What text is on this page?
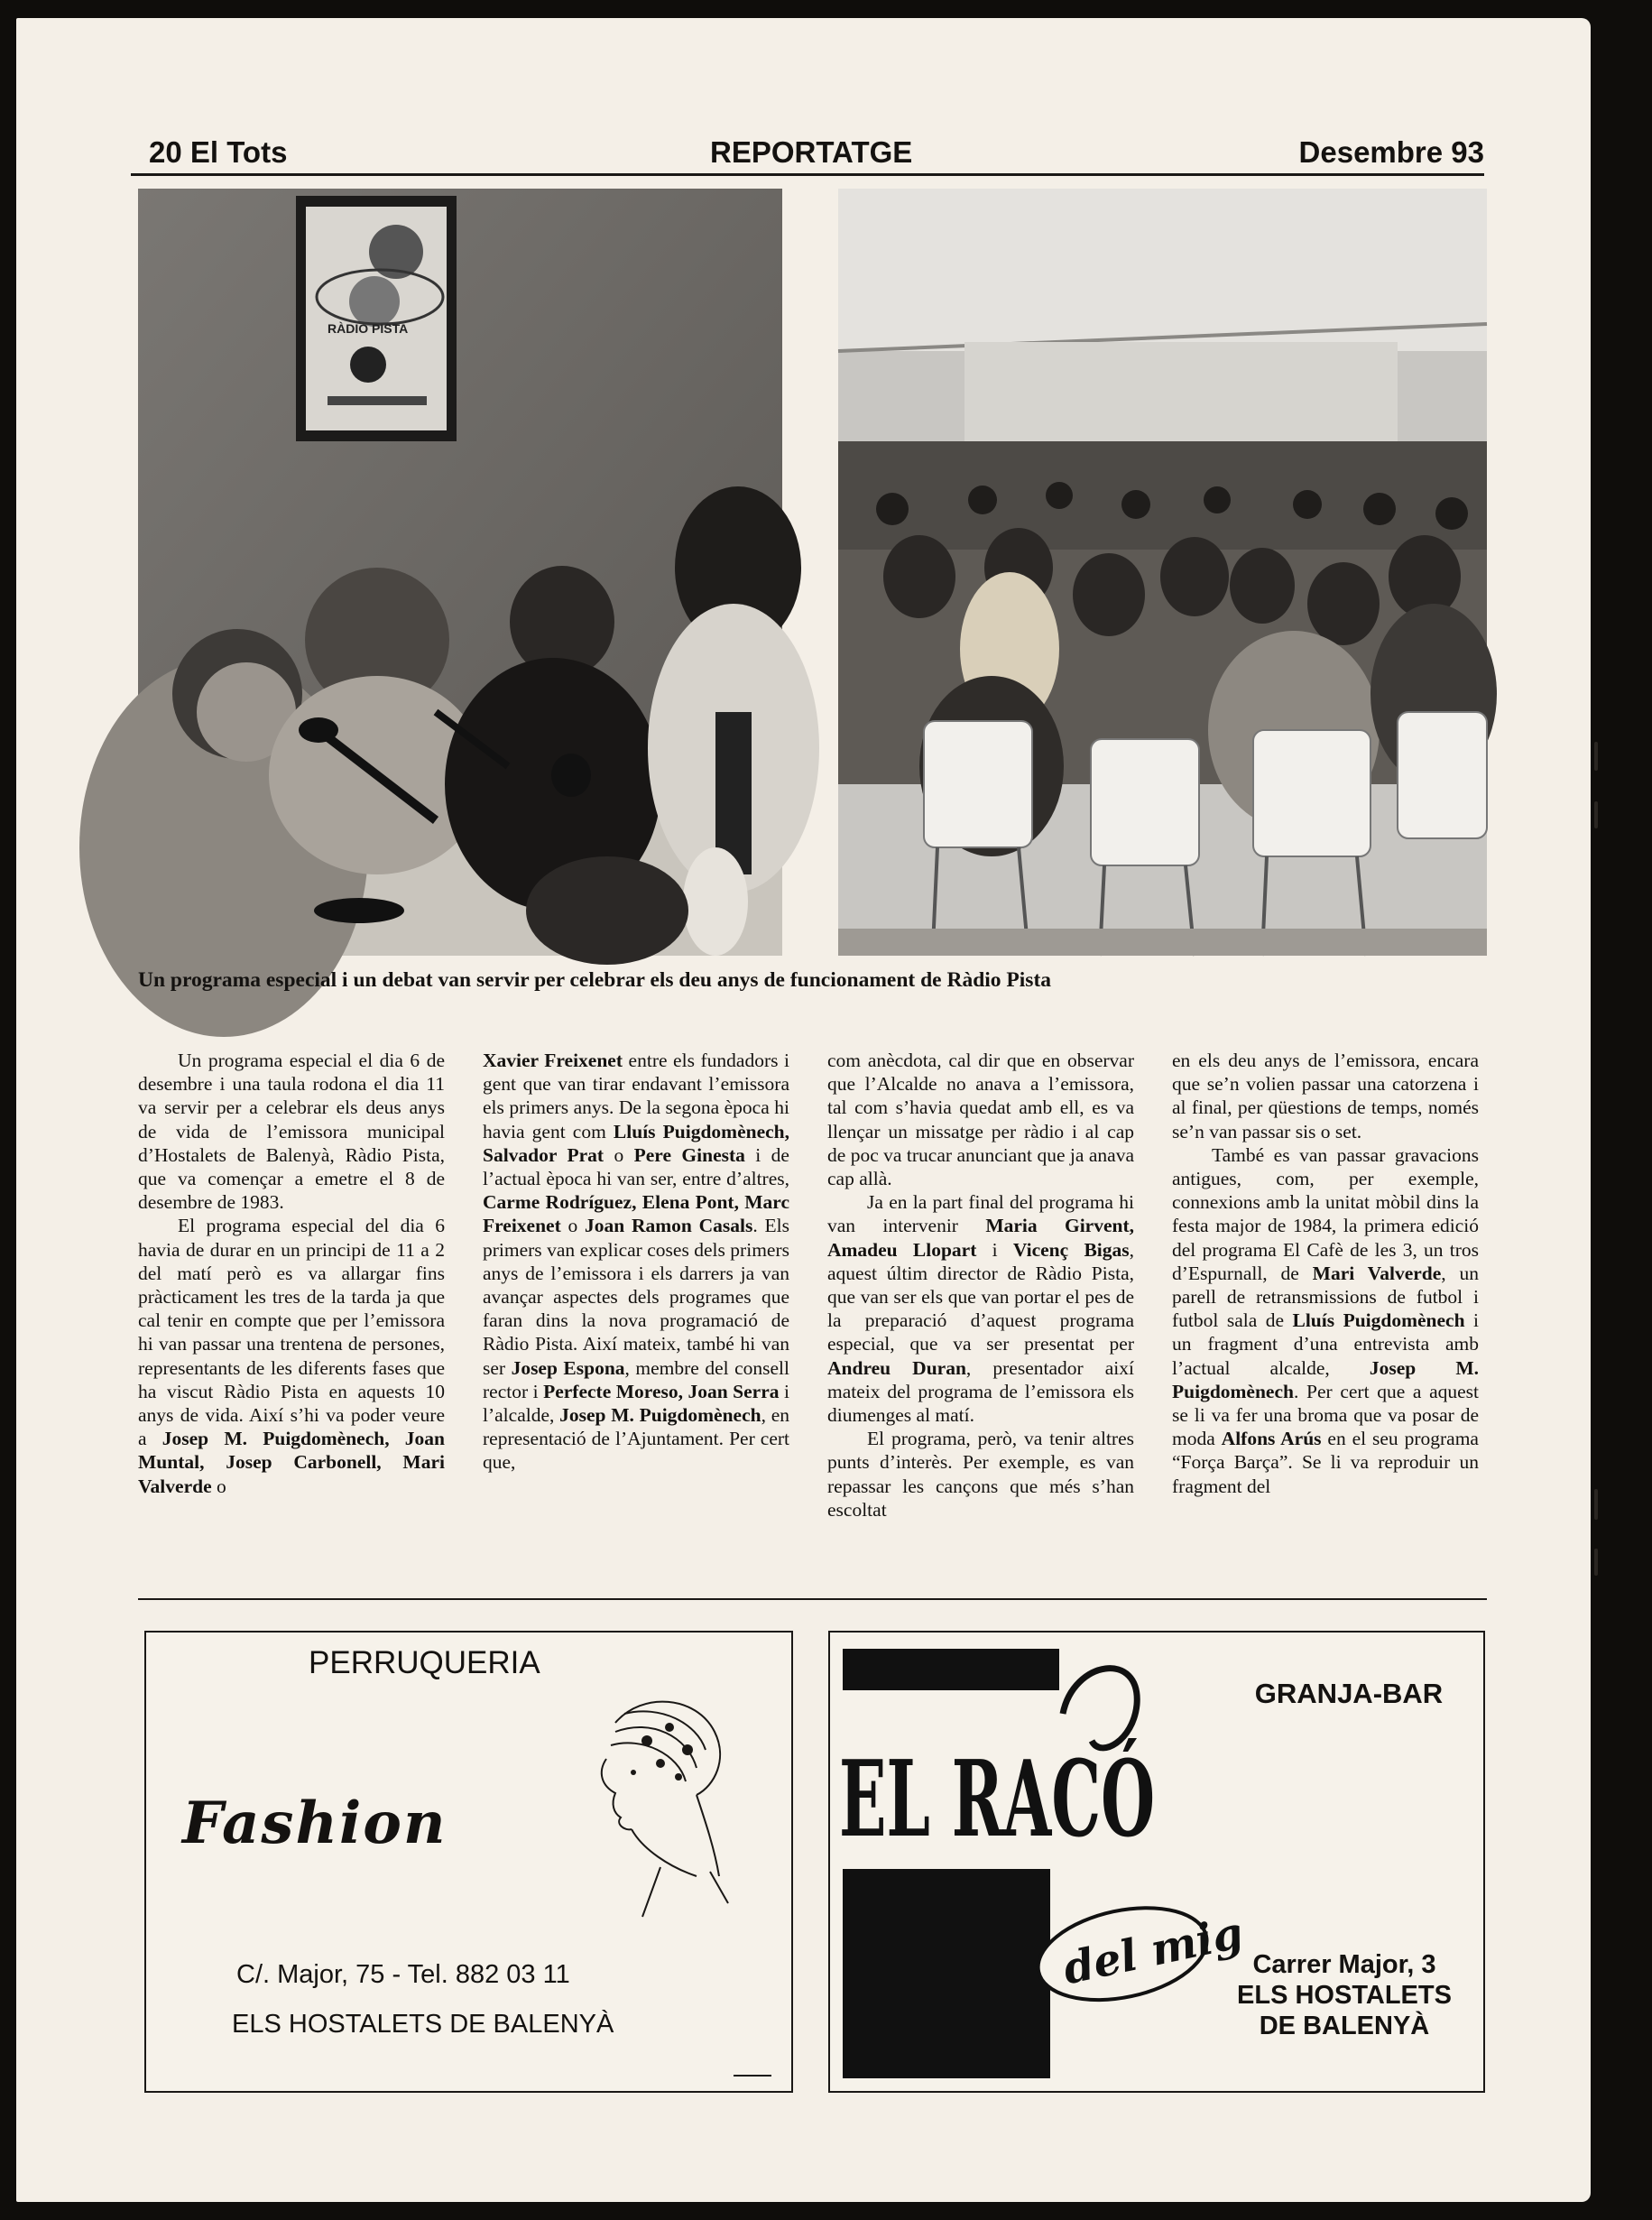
20 El Tots	REPORTATGE	Desembre 93
RÀDIO PISTA
Un programa especial i un debat van servir per celebrar els deu anys de funcionament de Ràdio Pista

Un programa especial el dia 6 de desembre i una taula rodona el dia 11 va servir per a celebrar els deus anys de vida de l’emissora municipal d’Hostalets de Balenyà, Ràdio Pista, que va començar a emetre el 8 de desembre de 1983.

El programa especial del dia 6 havia de durar en un principi de 11 a 2 del matí però es va allargar fins pràcticament les tres de la tarda ja que cal tenir en compte que per l’emissora hi van passar una trentena de persones, representants de les diferents fases que ha viscut Ràdio Pista en aquests 10 anys de vida. Així s’hi va poder veure a Josep M. Puigdomènech, Joan Muntal, Josep Carbonell, Mari Valverde o

Xavier Freixenet entre els fundadors i gent que van tirar endavant l’emissora els primers anys. De la segona època hi havia gent com Lluís Puigdomènech, Salvador Prat o Pere Ginesta i de l’actual època hi van ser, entre d’altres, Carme Rodríguez, Elena Pont, Marc Freixenet o Joan Ramon Casals. Els primers van explicar coses dels primers anys de l’emissora i els darrers ja van avançar aspectes dels programes que faran dins la nova programació de Ràdio Pista. Així mateix, també hi van ser Josep Espona, membre del consell rector i Perfecte Moreso, Joan Serra i l’alcalde, Josep M. Puigdomènech, en representació de l’Ajuntament. Per cert que,

com anècdota, cal dir que en observar que l’Alcalde no anava a l’emissora, tal com s’havia quedat amb ell, es va llençar un missatge per ràdio i al cap de poc va trucar anunciant que ja anava cap allà.

Ja en la part final del programa hi van intervenir Maria Girvent, Amadeu Llopart i Vicenç Bigas, aquest últim director de Ràdio Pista, que van ser els que van portar el pes de la preparació d’aquest programa especial, que va ser presentat per Andreu Duran, presentador així mateix del programa de l’emissora els diumenges al matí.

El programa, però, va tenir altres punts d’interès. Per exemple, es van repassar les cançons que més s’han escoltat

en els deu anys de l’emissora, encara que se’n volien passar una catorzena i al final, per qüestions de temps, només se’n van passar sis o set.

També es van passar gravacions antigues, com, per exemple, connexions amb la unitat mòbil dins la festa major de 1984, la primera edició del programa El Cafè de les 3, un tros d’Espurnall, de Mari Valverde, un parell de retransmissions de futbol i futbol sala de Lluís Puigdomènech i un fragment d’una entrevista amb l’actual alcalde, Josep M. Puigdomènech. Per cert que a aquest se li va fer una broma que va posar de moda Alfons Arús en el seu programa “Força Barça”. Se li va reproduir un fragment del

PERRUQUERIA
Fashion
C/. Major, 75 - Tel. 882 03 11
ELS HOSTALETS DE BALENYÀ
EL RACÓ
del mig
GRANJA-BAR
Carrer Major, 3
ELS HOSTALETS
DE BALENYÀ
